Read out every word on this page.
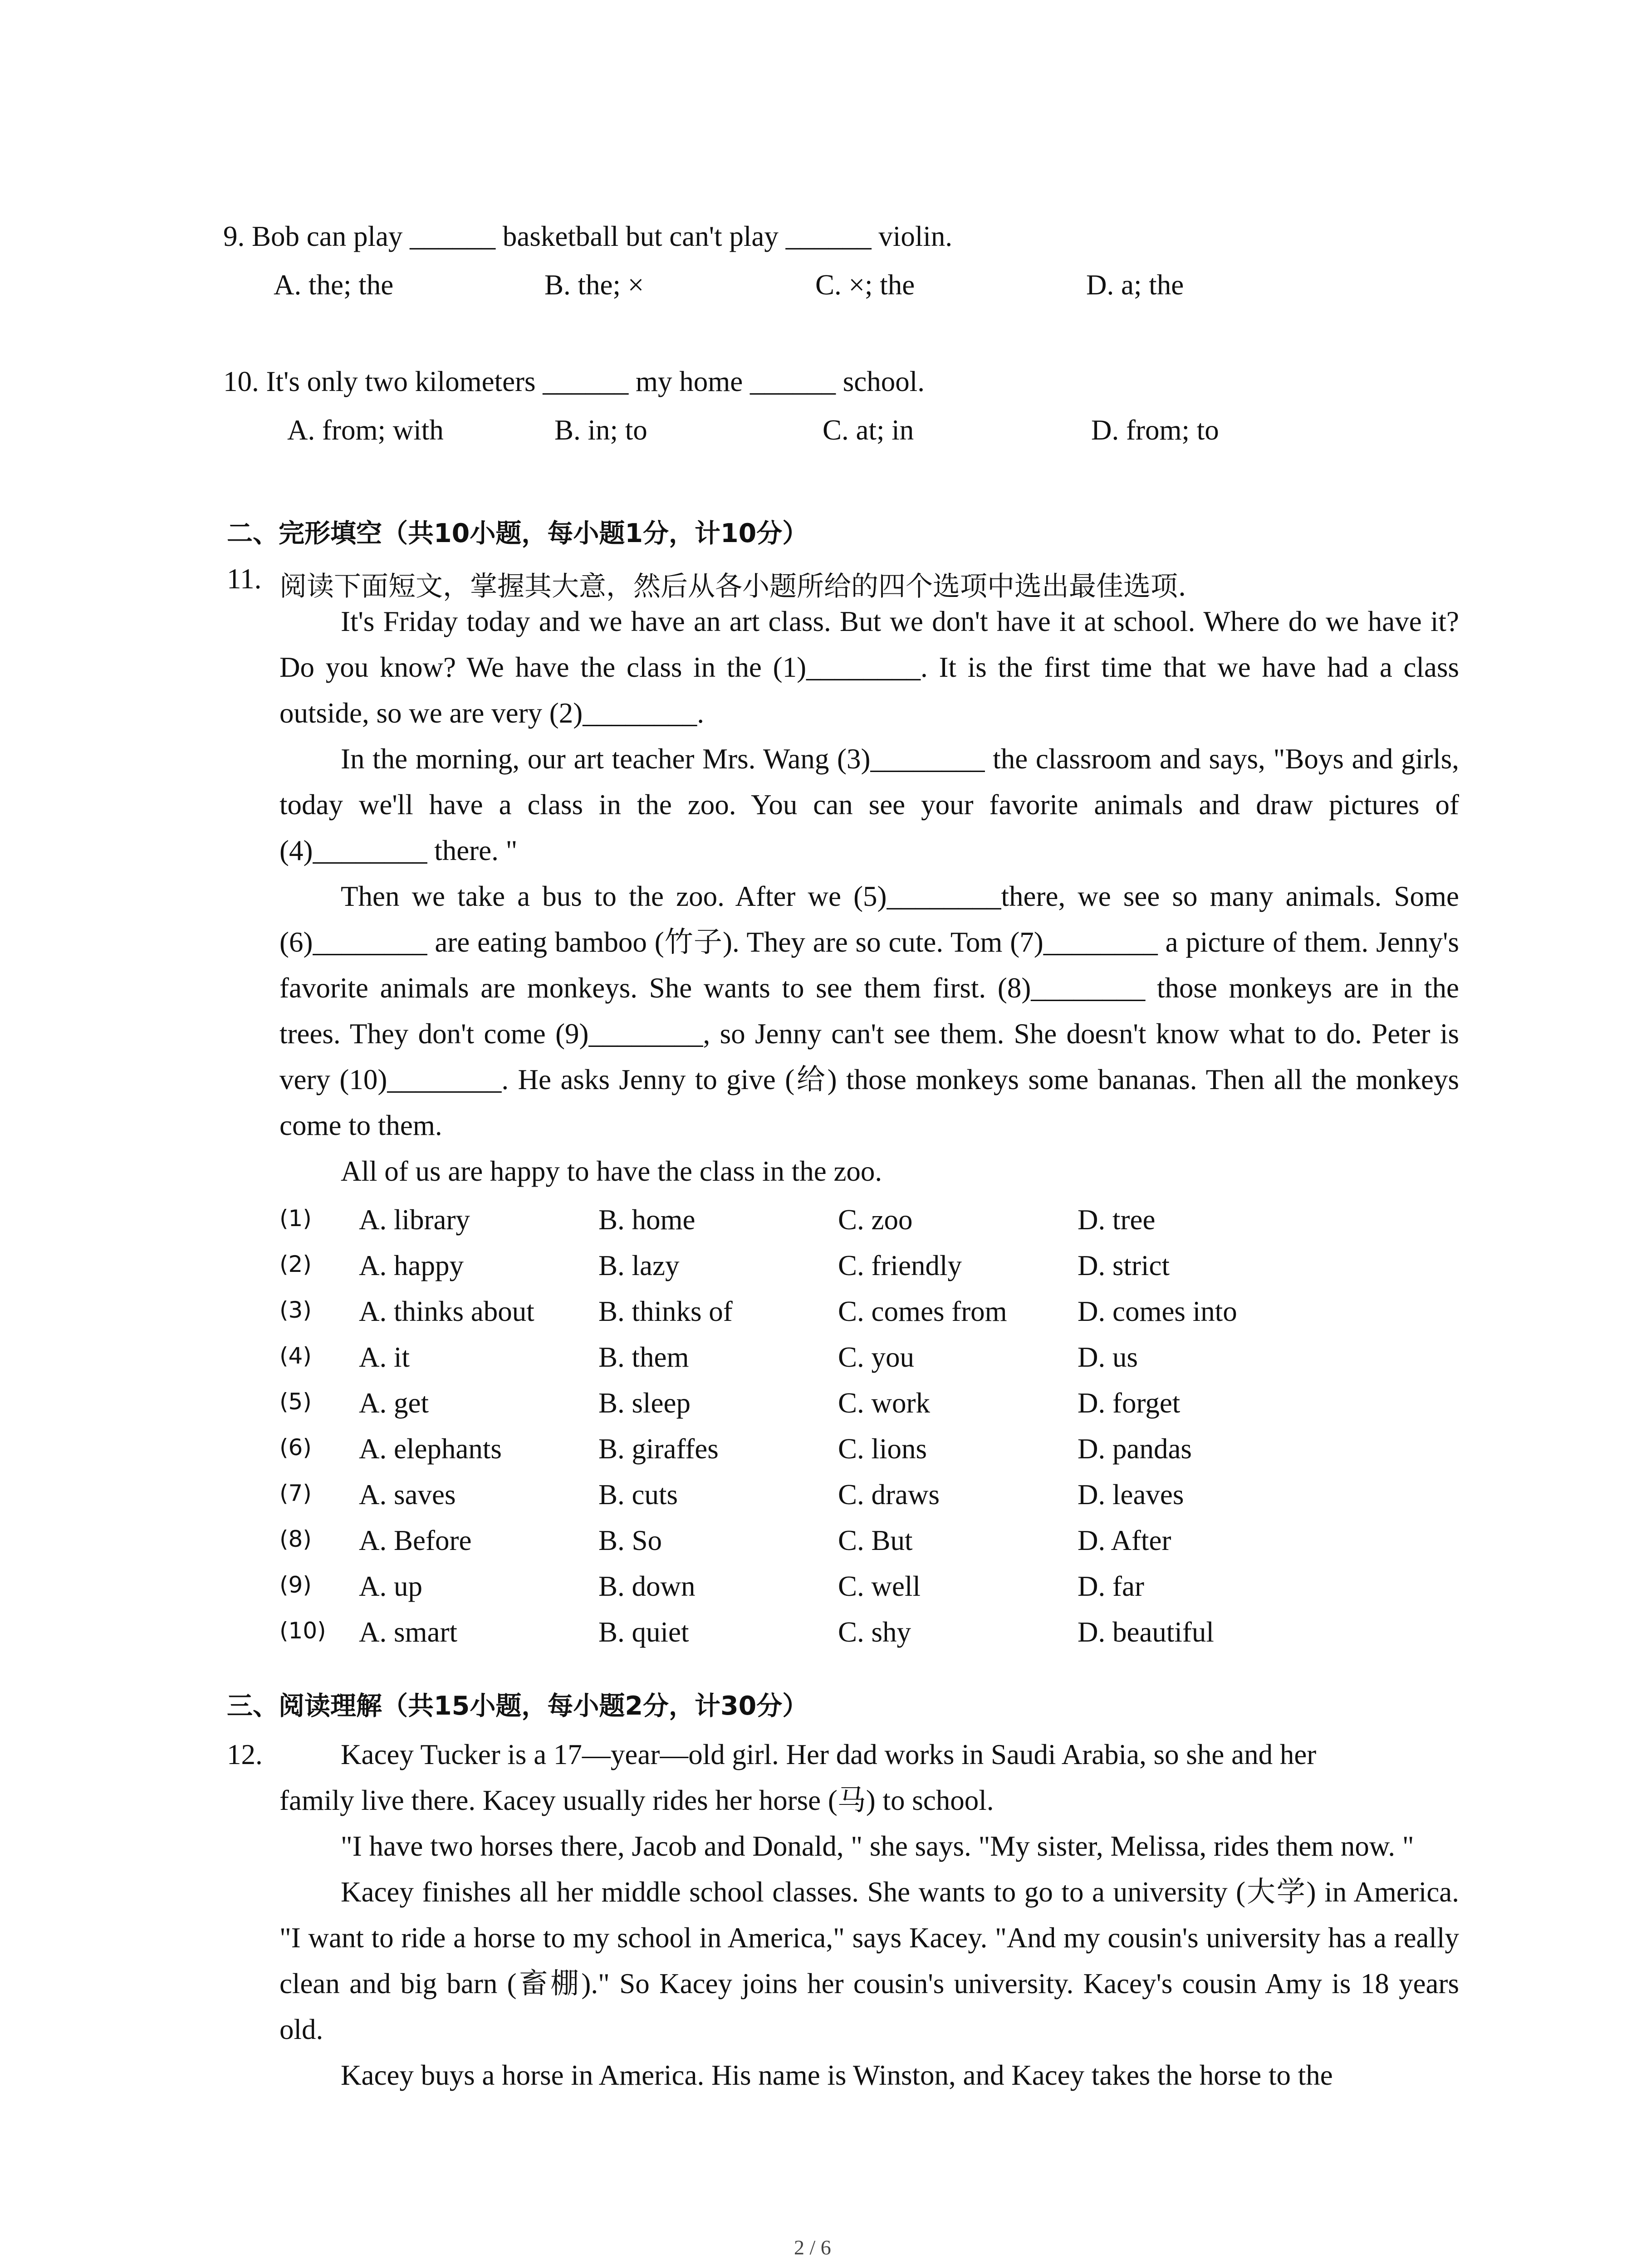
9. Bob can play ______ basketball but can't play ______ violin.
A. the; the	B. the; ×	C. ×; the	D. a; the
10. It's only two kilometers ______ my home ______ school.
A. from; with	B. in; to	C. at; in	D. from; to
二、完形填空（共10小题，每小题1分，计10分）
11. 阅读下面短文，掌握其大意，然后从各小题所给的四个选项中选出最佳选项.

It's Friday today and we have an art class. But we don't have it at school. Where do we have it? Do you know? We have the class in the (1)________. It is the first time that we have had a class outside, so we are very (2)________.

In the morning, our art teacher Mrs. Wang (3)________ the classroom and says, "Boys and girls, today we'll have a class in the zoo. You can see your favorite animals and draw pictures of (4)________ there. "

Then we take a bus to the zoo. After we (5)________there, we see so many animals. Some (6)________ are eating bamboo (竹子). They are so cute. Tom (7)________ a picture of them. Jenny's favorite animals are monkeys. She wants to see them first. (8)________ those monkeys are in the trees. They don't come (9)________, so Jenny can't see them. She doesn't know what to do. Peter is very (10)________. He asks Jenny to give (给) those monkeys some bananas. Then all the monkeys come to them.

All of us are happy to have the class in the zoo.

(1) A. library	B. home	C. zoo	D. tree
(2) A. happy	B. lazy	C. friendly	D. strict
(3) A. thinks about B. thinks of	C. comes from D. comes into
(4) A. it	B. them	C. you	D. us
(5) A. get	B. sleep	C. work	D. forget
(6) A. elephants	B. giraffes	C. lions	D. pandas
(7) A. saves	B. cuts	C. draws	D. leaves
(8) A. Before	B. So	C. But	D. After
(9) A. up	B. down	C. well	D. far
(10) A. smart	B. quiet	C. shy	D. beautiful
三、阅读理解（共15小题，每小题2分，计30分）
12.	Kacey Tucker is a 17—year—old girl. Her dad works in Saudi Arabia, so she and her

family live there. Kacey usually rides her horse (马) to school.

"I have two horses there, Jacob and Donald, " she says. "My sister, Melissa, rides them now. "

Kacey finishes all her middle school classes. She wants to go to a university (大学) in America. "I want to ride a horse to my school in America," says Kacey. "And my cousin's university has a really clean and big barn (畜棚)." So Kacey joins her cousin's university. Kacey's cousin Amy is 18 years old.

Kacey buys a horse in America. His name is Winston, and Kacey takes the horse to the

2 / 6
